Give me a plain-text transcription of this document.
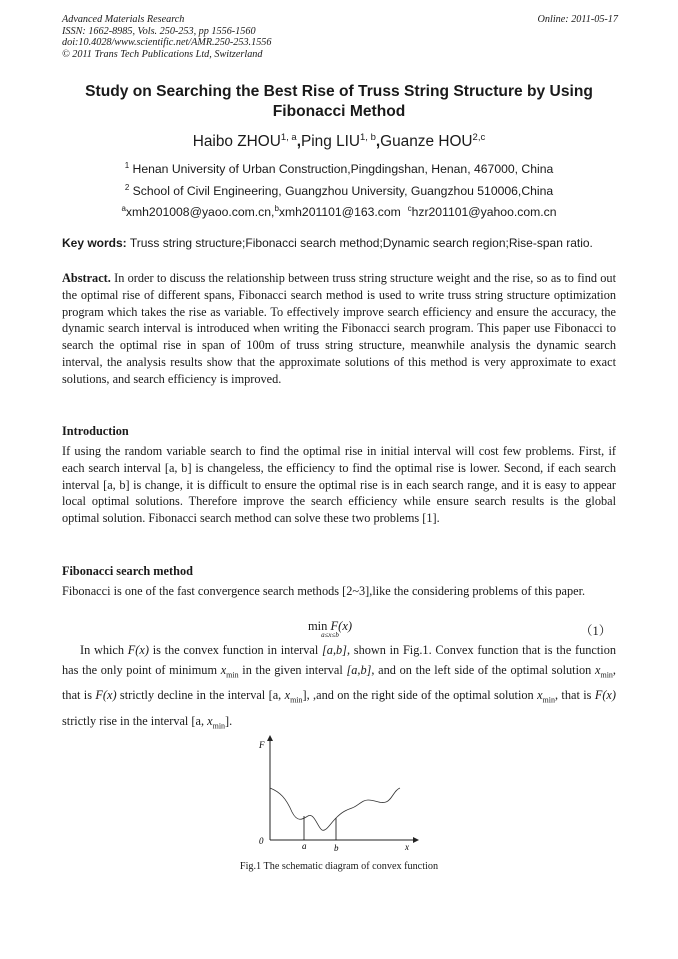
Advanced Materials Research
ISSN: 1662-8985, Vols. 250-253, pp 1556-1560
doi:10.4028/www.scientific.net/AMR.250-253.1556
© 2011 Trans Tech Publications Ltd, Switzerland
Online: 2011-05-17
Study on Searching the Best Rise of Truss String Structure by Using Fibonacci Method
Haibo ZHOU$^{1, a}$,Ping LIU$^{1, b}$,Guanze HOU$^{2,c}$
$^1$ Henan University of Urban Construction,Pingdingshan, Henan, 467000, China
$^2$ School of Civil Engineering, Guangzhou University, Guangzhou 510006,China
$^a$xmh201008@yaoo.com.cn,$^b$xmh201101@163.com $^c$hzr201101@yahoo.com.cn
Key words: Truss string structure;Fibonacci search method;Dynamic search region;Rise-span ratio.
Abstract. In order to discuss the relationship between truss string structure weight and the rise, so as to find out the optimal rise of different spans, Fibonacci search method is used to write truss string structure optimization program which takes the rise as variable. To effectively improve search efficiency and ensure the accuracy, the dynamic search interval is introduced when writing the Fibonacci search program. This paper use Fibonacci to search the optimal rise in span of 100m of truss string structure, meanwhile analysis the dynamic search interval, the analysis results show that the approximate solutions of this method is very approximate to exact solutions, and search efficiency is improved.
Introduction
If using the random variable search to find the optimal rise in initial interval will cost few problems. First, if each search interval [a, b] is changeless, the efficiency to find the optimal rise is lower. Second, if each search interval [a, b] is change, it is difficult to ensure the optimal rise is in each search range, and it is easy to appear local optimal solutions. Therefore improve the search efficiency while ensure search results is the global optimal solution. Fibonacci search method can solve these two problems [1].
Fibonacci search method
Fibonacci is one of the fast convergence search methods [2~3],like the considering problems of this paper.
min F(x)
a≤x≤b	（1）
In which F(x) is the convex function in interval [a,b], shown in Fig.1. Convex function that is the function has the only point of minimum $x_{min}$ in the given interval [a,b], and on the left side of the optimal solution $x_{min}$, that is F(x) strictly decline in the interval [a, $x_{min}$], ,and on the right side of the optimal solution $x_{min}$, that is F(x) strictly rise in the interval [a, $x_{min}$].
F
0
x
a	b
Fig.1 The schematic diagram of convex function
